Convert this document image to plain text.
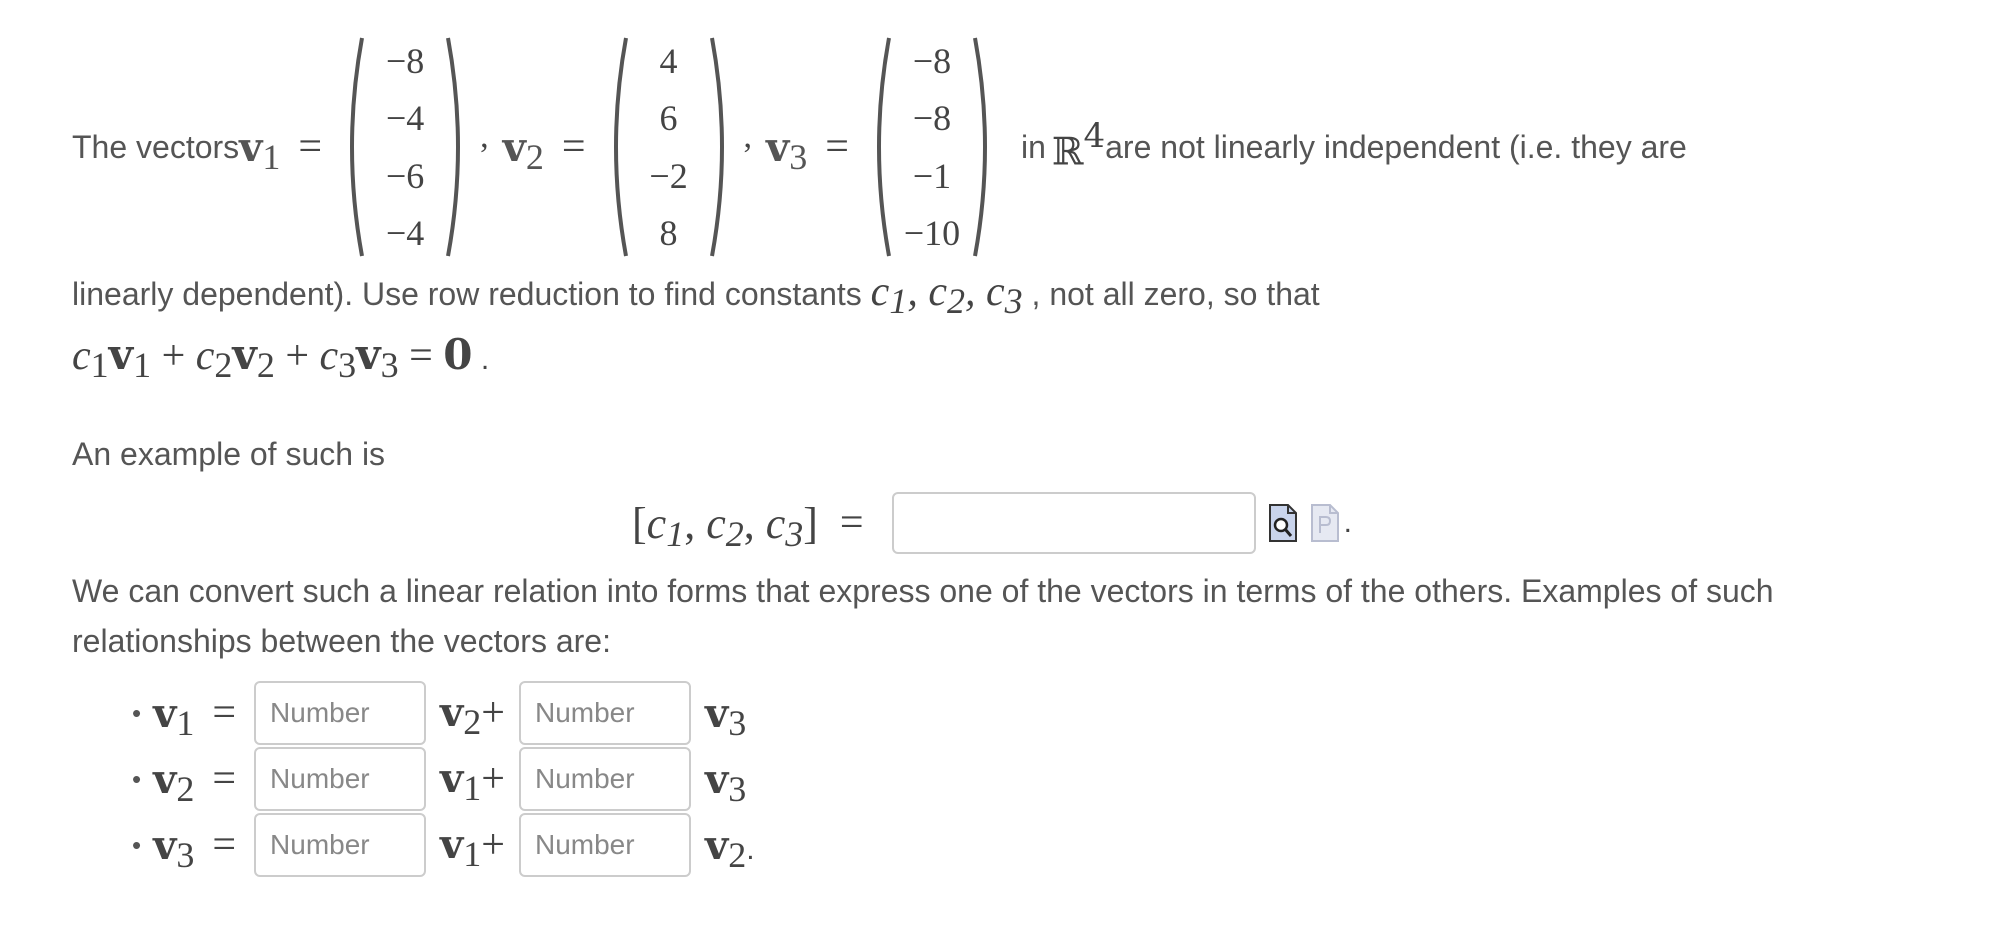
The vectors $v_1$ =
−8
−4
−6
−4
, $v_2$ =
4
6
−2
8
, $v_3$ =
−8
−8
−1
−10
in ℝ$^4$ are not linearly independent (i.e. they are
linearly dependent). Use row reduction to find constants $c_1$, $c_2$, $c_3$ , not all zero, so that
$c_1v_1 + c_2v_2 + c_3v_3 = 0$ .
An example of such is
[$c_1$, $c_2$, $c_3$] =	.
We can convert such a linear relation into forms that express one of the vectors in terms of the others. Examples of such relationships between the vectors are:
• $v_1$ =
Number	$v_2+$
Number	$v_3$
• $v_2$ =
Number	$v_1+$
Number	$v_3$
• $v_3$ =
Number	$v_1+$
Number	$v_2$.
